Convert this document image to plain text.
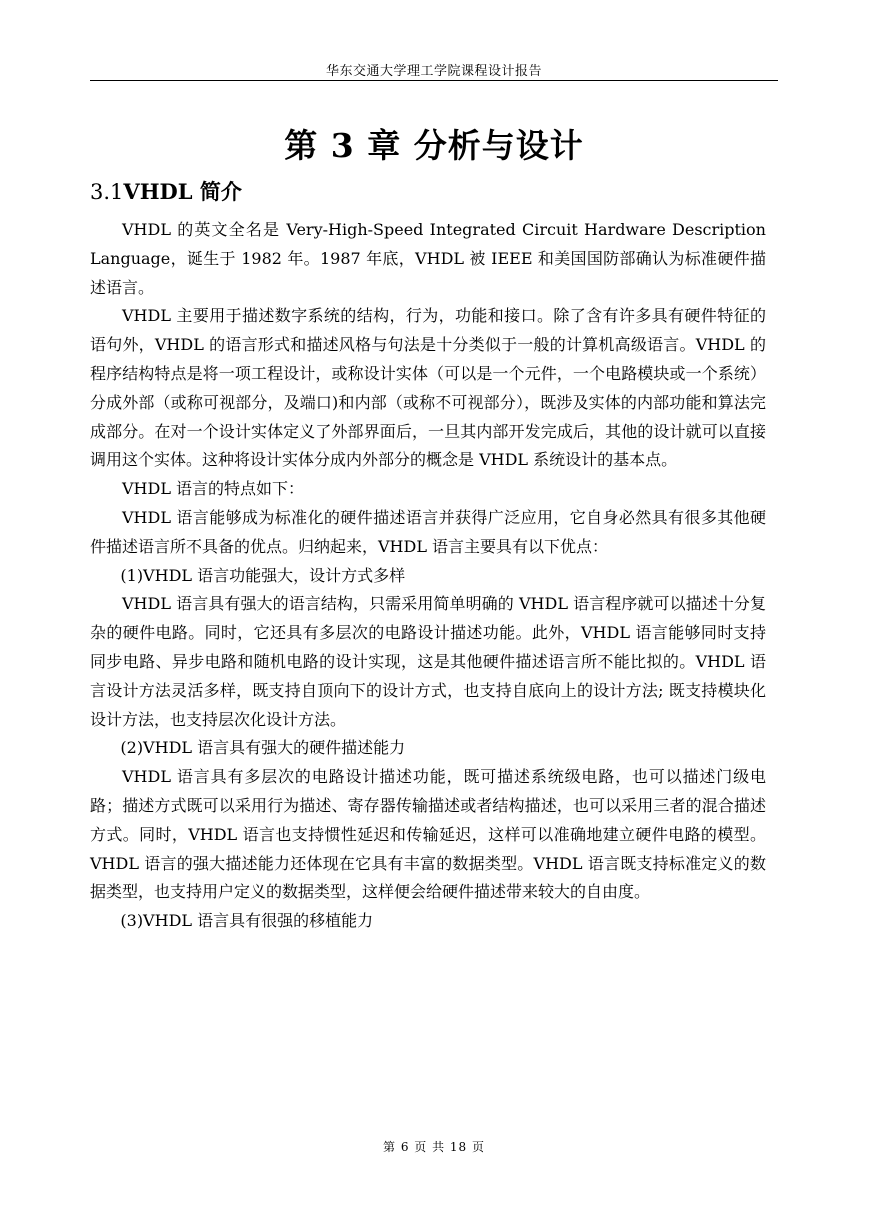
华东交通大学理工学院课程设计报告
第 3 章 分析与设计
3.1VHDL 简介

VHDL 的英文全名是 Very-High-Speed Integrated Circuit Hardware Description Language，诞生于 1982 年。1987 年底，VHDL 被 IEEE 和美国国防部确认为标准硬件描述语言。

VHDL 主要用于描述数字系统的结构，行为，功能和接口。除了含有许多具有硬件特征的语句外，VHDL 的语言形式和描述风格与句法是十分类似于一般的计算机高级语言。VHDL 的程序结构特点是将一项工程设计，或称设计实体（可以是一个元件，一个电路模块或一个系统）分成外部（或称可视部分，及端口)和内部（或称不可视部分），既涉及实体的内部功能和算法完成部分。在对一个设计实体定义了外部界面后，一旦其内部开发完成后，其他的设计就可以直接调用这个实体。这种将设计实体分成内外部分的概念是 VHDL 系统设计的基本点。

VHDL 语言的特点如下：

VHDL 语言能够成为标准化的硬件描述语言并获得广泛应用，它自身必然具有很多其他硬件描述语言所不具备的优点。归纳起来，VHDL 语言主要具有以下优点：

(1)VHDL 语言功能强大，设计方式多样

VHDL 语言具有强大的语言结构，只需采用简单明确的 VHDL 语言程序就可以描述十分复杂的硬件电路。同时，它还具有多层次的电路设计描述功能。此外，VHDL 语言能够同时支持同步电路、异步电路和随机电路的设计实现，这是其他硬件描述语言所不能比拟的。VHDL 语言设计方法灵活多样，既支持自顶向下的设计方式，也支持自底向上的设计方法; 既支持模块化设计方法，也支持层次化设计方法。

(2)VHDL 语言具有强大的硬件描述能力

VHDL 语言具有多层次的电路设计描述功能，既可描述系统级电路，也可以描述门级电路；描述方式既可以采用行为描述、寄存器传输描述或者结构描述，也可以采用三者的混合描述方式。同时，VHDL 语言也支持惯性延迟和传输延迟，这样可以准确地建立硬件电路的模型。VHDL 语言的强大描述能力还体现在它具有丰富的数据类型。VHDL 语言既支持标准定义的数据类型，也支持用户定义的数据类型，这样便会给硬件描述带来较大的自由度。

(3)VHDL 语言具有很强的移植能力

第 6 页 共 18 页
